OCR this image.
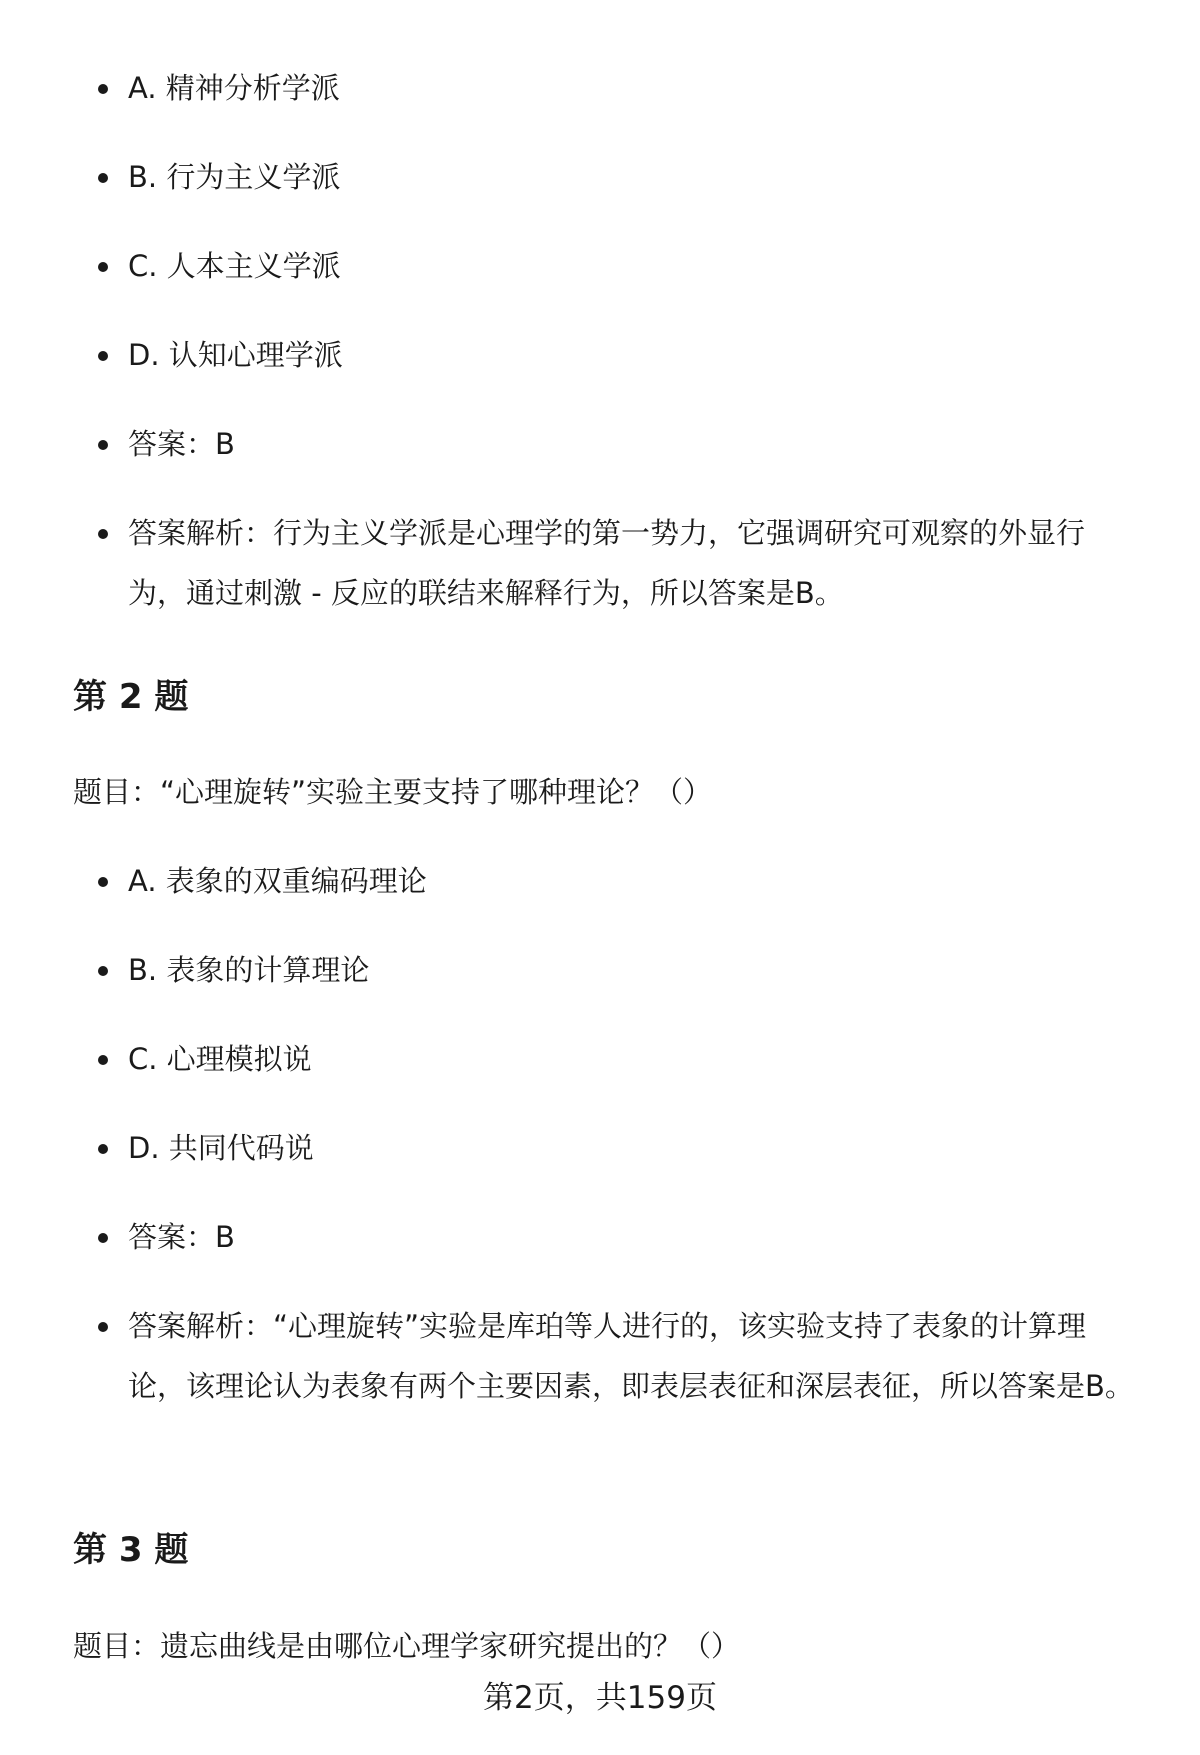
A. 精神分析学派
B. 行为主义学派
C. 人本主义学派
D. 认知心理学派
答案：B
答案解析：行为主义学派是心理学的第一势力，它强调研究可观察的外显行为，通过刺激 - 反应的联结来解释行为，所以答案是B。
第 2 题
题目：“心理旋转”实验主要支持了哪种理论？（）
A. 表象的双重编码理论
B. 表象的计算理论
C. 心理模拟说
D. 共同代码说
答案：B
答案解析：“心理旋转”实验是库珀等人进行的，该实验支持了表象的计算理论，该理论认为表象有两个主要因素，即表层表征和深层表征，所以答案是B。
第 3 题
题目：遗忘曲线是由哪位心理学家研究提出的？（）
第2页，共159页
